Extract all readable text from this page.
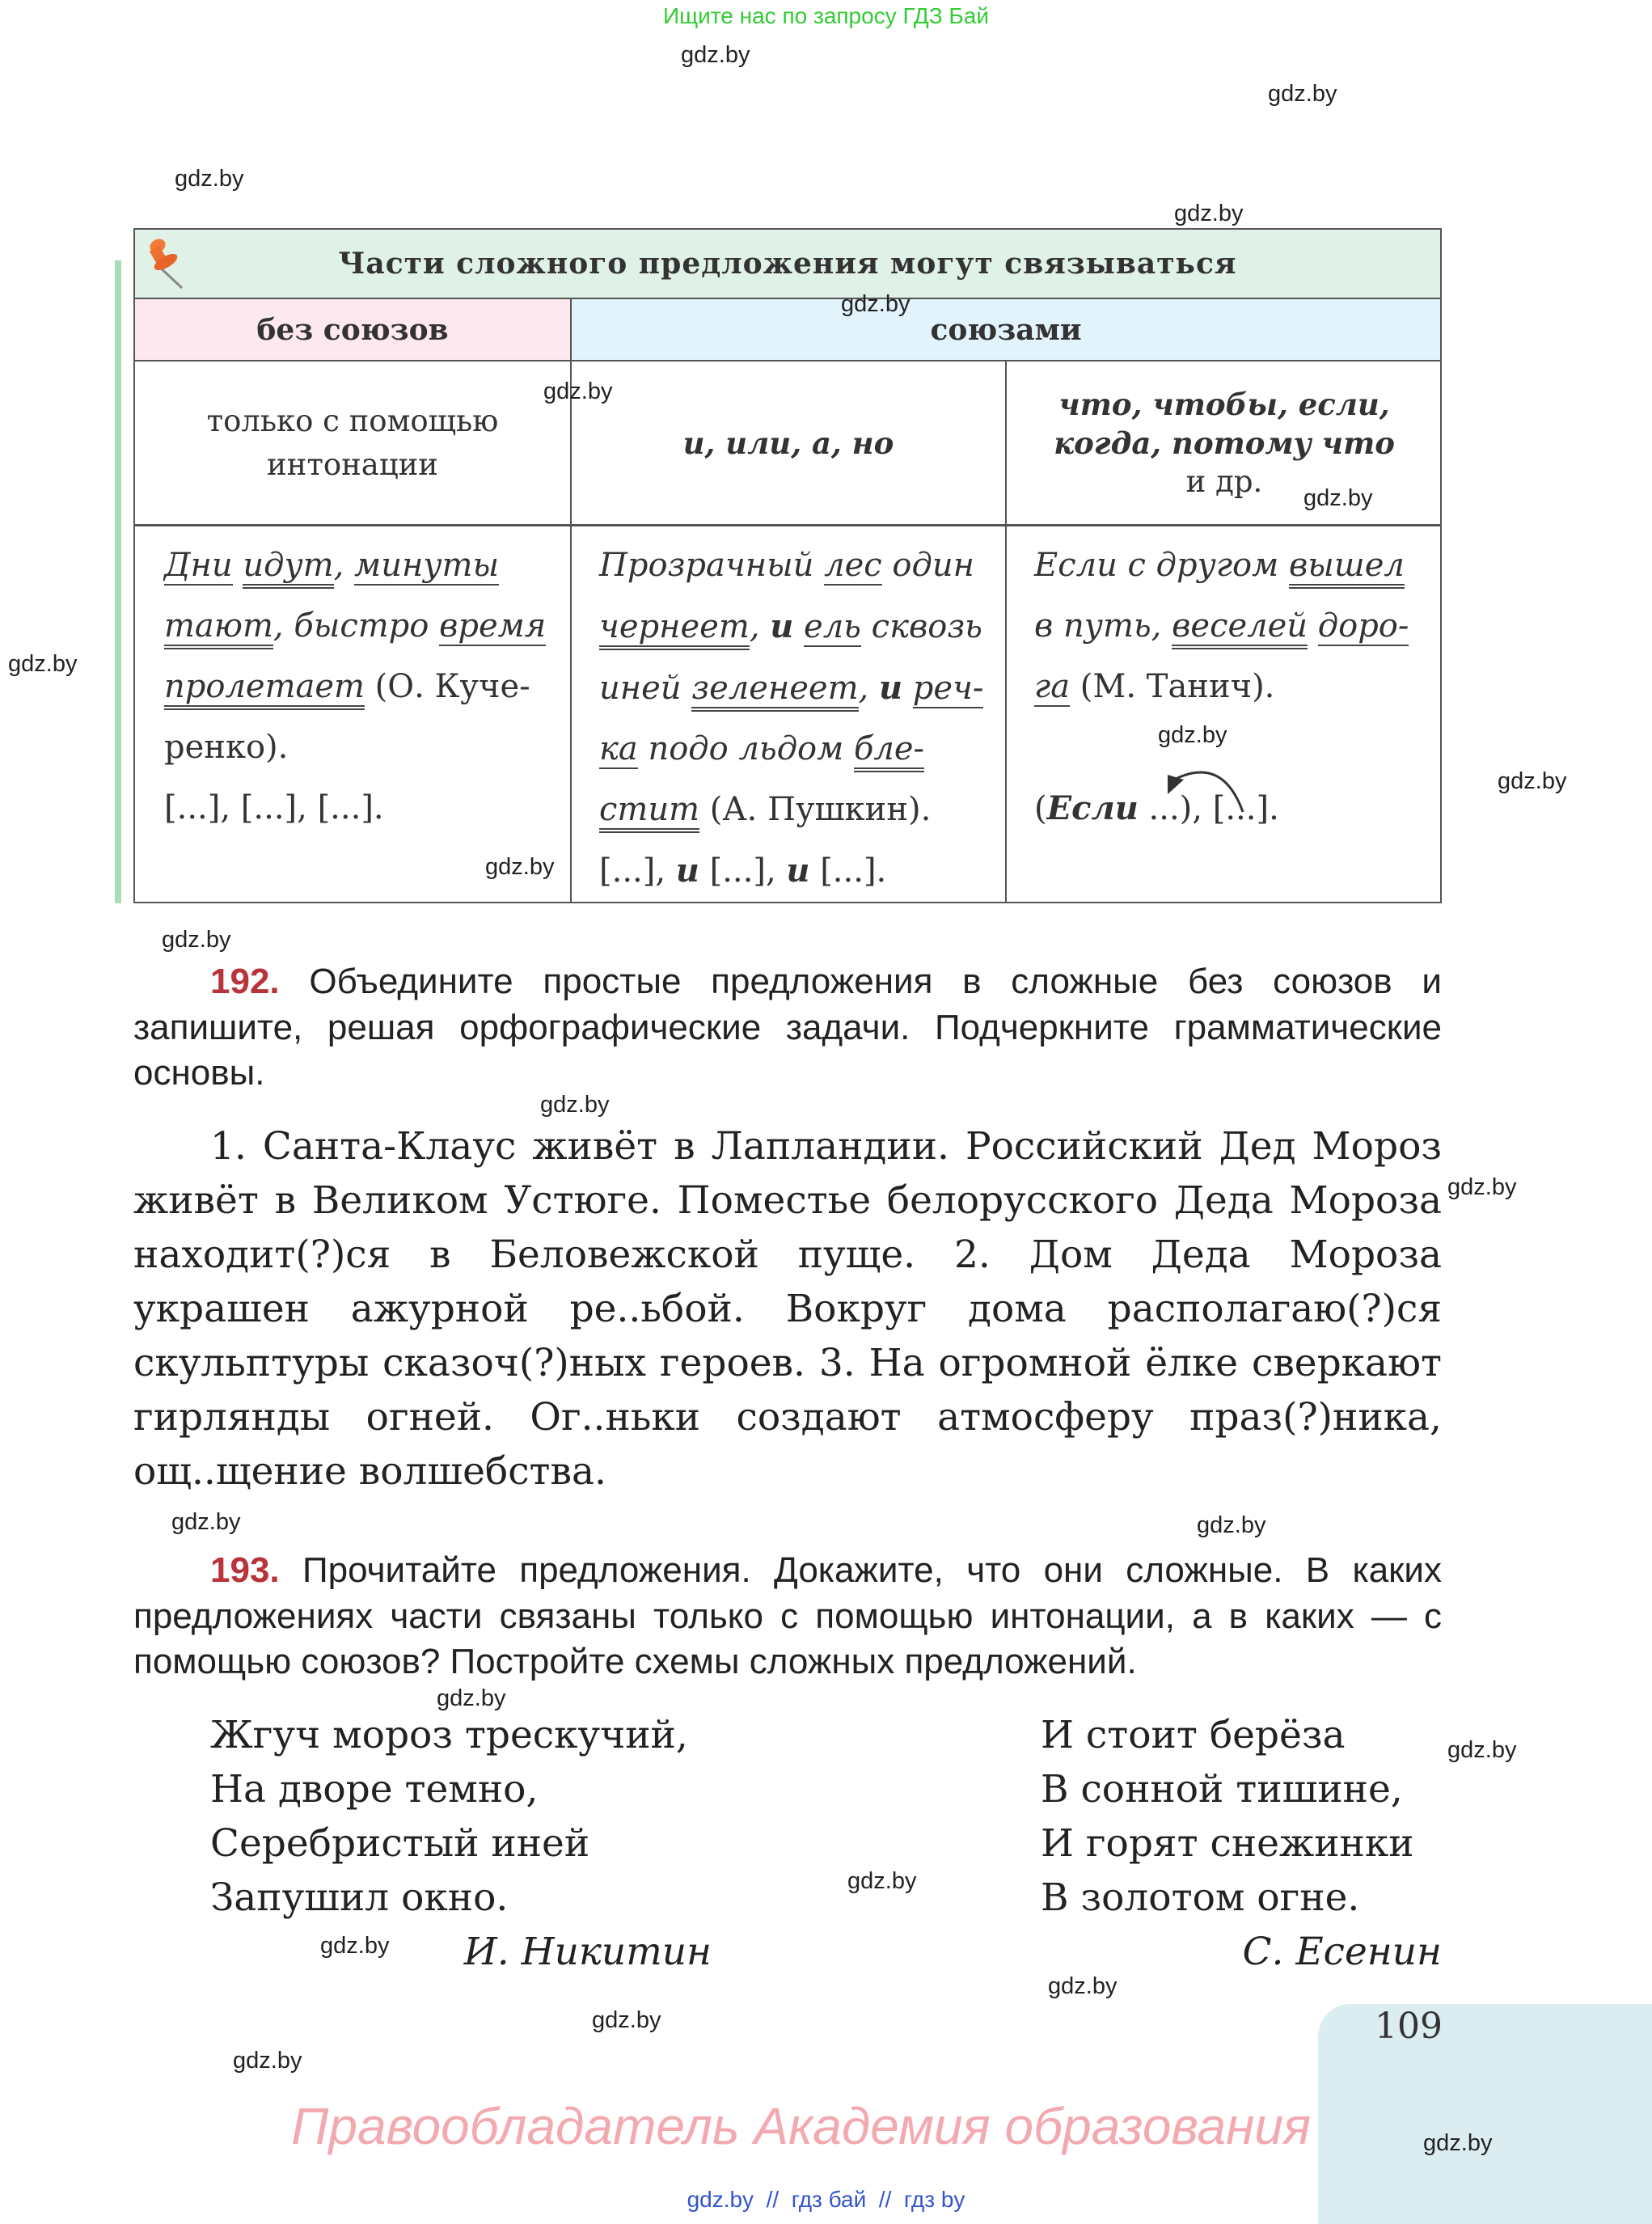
Ищите нас по запросу ГДЗ Бай
Части сложного предложения могут связываться
без союзов	союзами
только с помощью интонации
и, или, а, но
что, чтобы, если, когда, потому что
и др.
Дни идут, минуты
тают, быстро время
пролетает (О. Куче-
ренко).
[...], [...], [...].
Прозрачный лес один
чернеет, и ель сквозь
иней зеленеет, и реч-
ка подо льдом бле-
стит (А. Пушкин).
[...], и [...], и [...].
Если с другом вышел
в путь, веселей доро-
га (М. Танич).

(Если ...), [...].
192. Объедините простые предложения в сложные без союзов и запишите, решая орфографические задачи. Подчеркните грамматические основы.
1. Санта-Клаус живёт в Лапландии. Российский Дед Мороз живёт в Великом Устюге. Поместье белорусского Деда Мороза находит(?)ся в Беловежской пуще. 2. Дом Деда Мороза украшен ажурной ре..ьбой. Вокруг дома располагаю(?)ся скульптуры сказоч(?)ных героев. 3. На огромной ёлке сверкают гирлянды огней. Ог..ньки создают атмосферу праз(?)ника, ощ..щение волшебства.
193. Прочитайте предложения. Докажите, что они сложные. В каких предложениях части связаны только с помощью интонации, а в каких — с помощью союзов? Постройте схемы сложных предложений.
Жгуч мороз трескучий,
На дворе темно,
Серебристый иней
Запушил окно.
И. Никитин
И стоит берёза
В сонной тишине,
И горят снежинки
В золотом огне.
С. Есенин
109
Правообладатель Академия образования
gdz.by  //  гдз бай  //  гдз by
gdz.by
gdz.by
gdz.by
gdz.by
gdz.by
gdz.by
gdz.by
gdz.by
gdz.by
gdz.by
gdz.by
gdz.by
gdz.by
gdz.by
gdz.by
gdz.by
gdz.by
gdz.by
gdz.by
gdz.by
gdz.by
gdz.by
gdz.by
gdz.by
